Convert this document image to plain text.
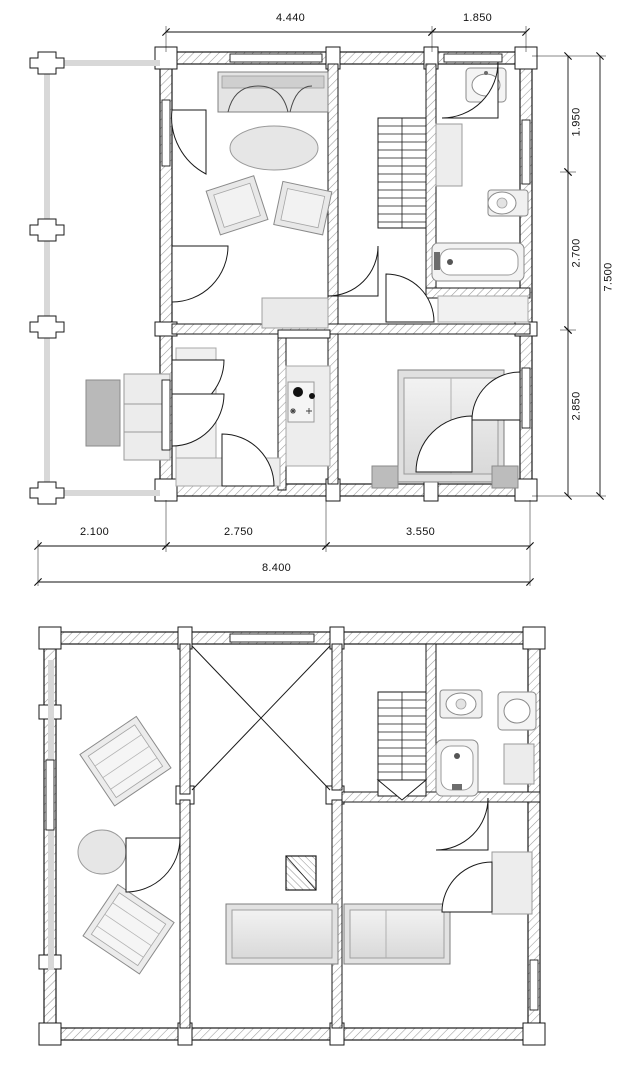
4.440	1.850
2.100	2.750	3.550
8.400
1.950
2.700
2.850
7.500
